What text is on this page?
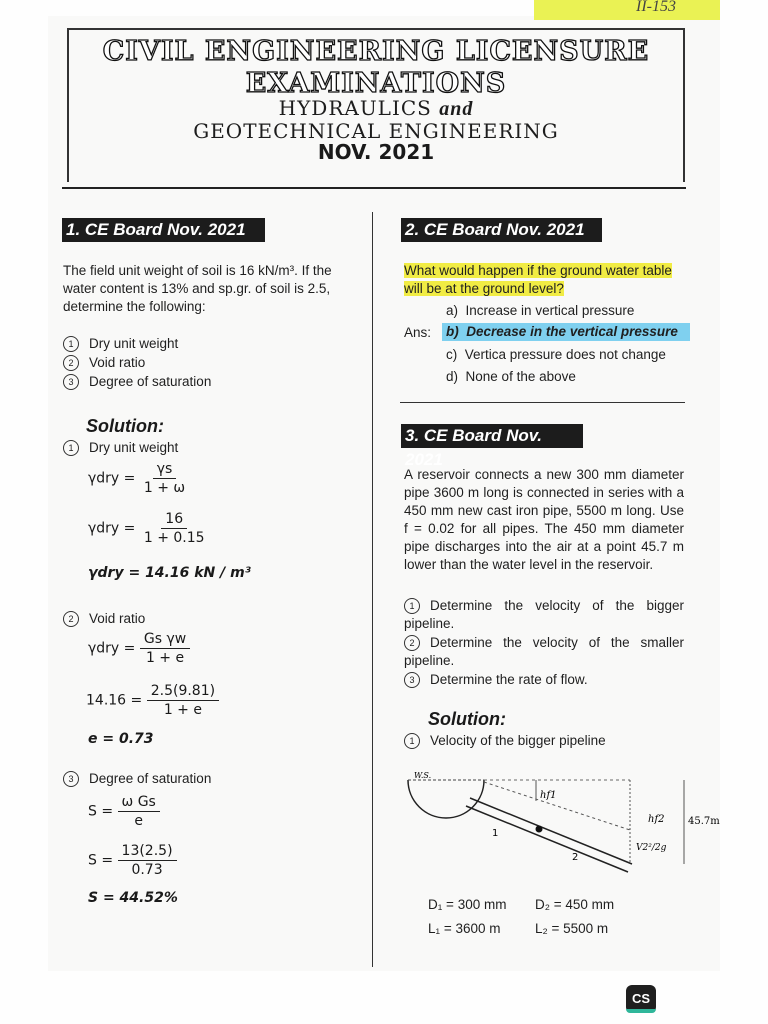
II-153
CIVIL ENGINEERING LICENSURE
EXAMINATIONS
HYDRAULICS and
GEOTECHNICAL ENGINEERING
NOV. 2021
1. CE Board Nov. 2021
The field unit weight of soil is 16 kN/m³. If the water content is 13% and sp.gr. of soil is 2.5, determine the following:
1 Dry unit weight
2 Void ratio
3 Degree of saturation
Solution:
1 Dry unit weight
$\gamma dry = \frac{\gamma s}{1 + \omega}$
$\gamma dry = \frac{16}{1 + 0.15}$
γdry = 14.16 kN / m³
2 Void ratio
$\gamma dry = \frac{\text{Gs γw}}{1 + e}$
$14.16 = \frac{2.5(9.81)}{1 + e}$
e = 0.73
3 Degree of saturation
$S = \frac{\text{ω Gs}}{e}$
$S = \frac{13(2.5)}{0.73}$
S = 44.52%
2. CE Board Nov. 2021
What would happen if the ground water table will be at the ground level?
a) Increase in vertical pressure
Ans: b) Decrease in the vertical pressure
c) Vertica pressure does not change
d) None of the above
3. CE Board Nov. 2021
A reservoir connects a new 300 mm diameter pipe 3600 m long is connected in series with a 450 mm new cast iron pipe, 5500 m long. Use f = 0.02 for all pipes. The 450 mm diameter pipe discharges into the air at a point 45.7 m lower than the water level in the reservoir.
1 Determine the velocity of the bigger pipeline.
2 Determine the velocity of the smaller pipeline.
3 Determine the rate of flow.
Solution:
1 Velocity of the bigger pipeline
W.S.
hf1
hf2
V2²/2g
45.7m
1
2
D₁ = 300 mm D₂ = 450 mm
L₁ = 3600 m	L₂ = 5500 m
CS
